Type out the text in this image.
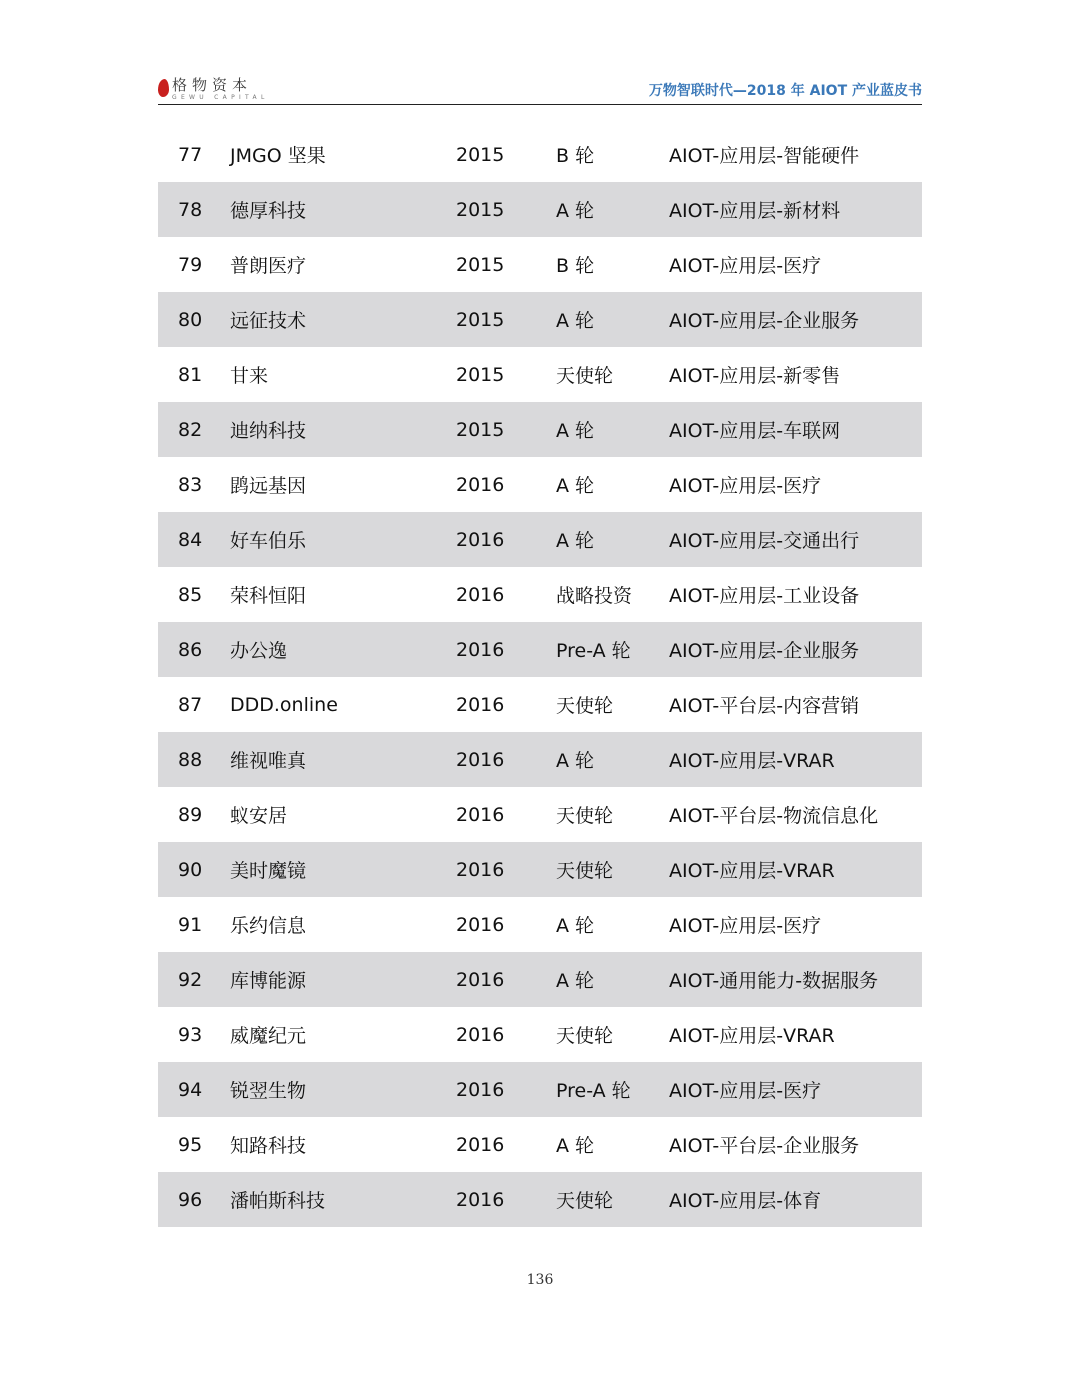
格物资本
GEWU CAPITAL	万物智联时代—2018 年 AIOT 产业蓝皮书
77	JMGO 坚果	2015	B 轮	AIOT-应用层-智能硬件
78	德厚科技	2015	A 轮	AIOT-应用层-新材料
79	普朗医疗	2015	B 轮	AIOT-应用层-医疗
80	远征技术	2015	A 轮	AIOT-应用层-企业服务
81	甘来	2015	天使轮	AIOT-应用层-新零售
82	迪纳科技	2015	A 轮	AIOT-应用层-车联网
83	鹍远基因	2016	A 轮	AIOT-应用层-医疗
84	好车伯乐	2016	A 轮	AIOT-应用层-交通出行
85	荣科恒阳	2016	战略投资	AIOT-应用层-工业设备
86	办公逸	2016	Pre-A 轮	AIOT-应用层-企业服务
87	DDD.online	2016	天使轮	AIOT-平台层-内容营销
88	维视唯真	2016	A 轮	AIOT-应用层-VRAR
89	蚁安居	2016	天使轮	AIOT-平台层-物流信息化
90	美时魔镜	2016	天使轮	AIOT-应用层-VRAR
91	乐约信息	2016	A 轮	AIOT-应用层-医疗
92	库博能源	2016	A 轮	AIOT-通用能力-数据服务
93	威魔纪元	2016	天使轮	AIOT-应用层-VRAR
94	锐翌生物	2016	Pre-A 轮	AIOT-应用层-医疗
95	知路科技	2016	A 轮	AIOT-平台层-企业服务
96	潘帕斯科技	2016	天使轮	AIOT-应用层-体育
136
